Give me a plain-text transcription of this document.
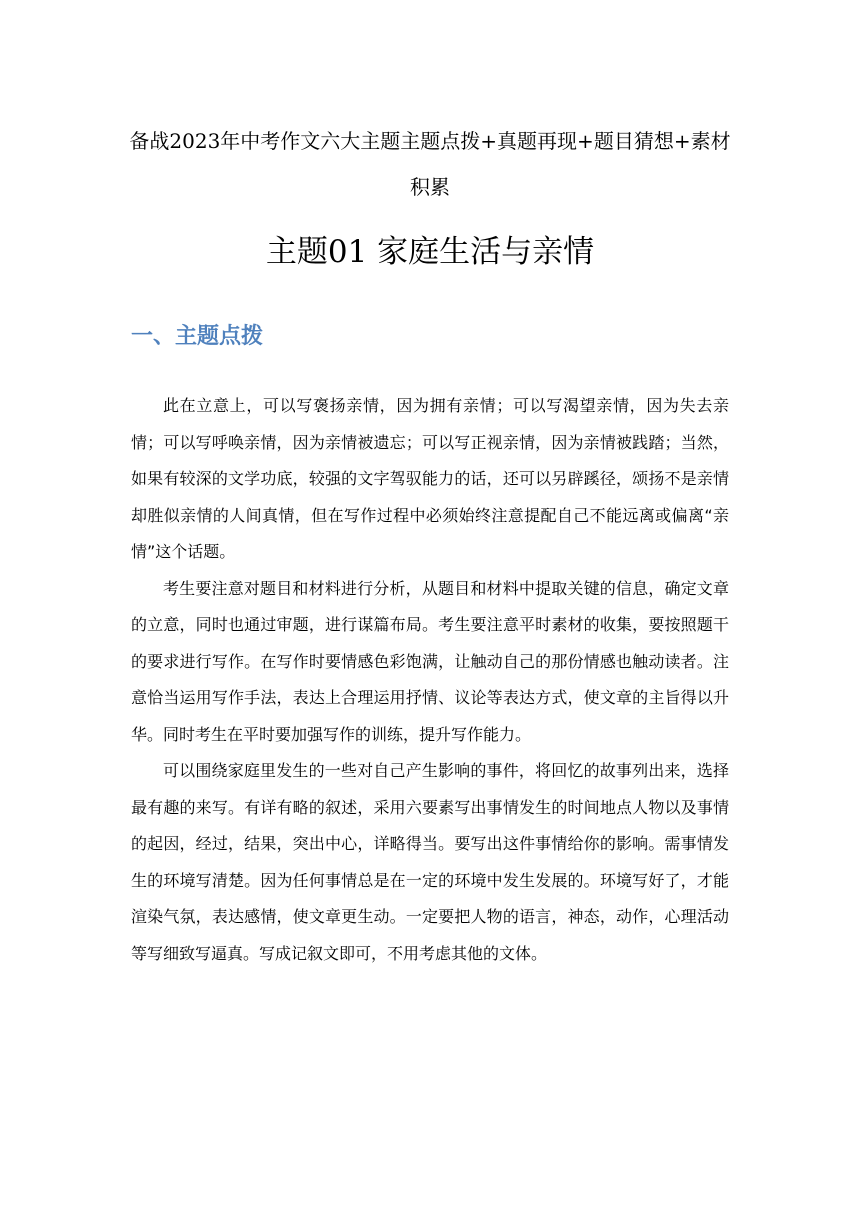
备战2023年中考作文六大主题主题点拨+真题再现+题目猜想+素材积累
主题01 家庭生活与亲情
一、主题点拨

此在立意上，可以写褒扬亲情，因为拥有亲情；可以写渴望亲情，因为失去亲情；可以写呼唤亲情，因为亲情被遗忘；可以写正视亲情，因为亲情被践踏；当然，如果有较深的文学功底，较强的文字驾驭能力的话，还可以另辟蹊径，颂扬不是亲情却胜似亲情的人间真情，但在写作过程中必须始终注意提配自己不能远离或偏离“亲情”这个话题。

考生要注意对题目和材料进行分析，从题目和材料中提取关键的信息，确定文章的立意，同时也通过审题，进行谋篇布局。考生要注意平时素材的收集，要按照题干的要求进行写作。在写作时要情感色彩饱满，让触动自己的那份情感也触动读者。注意恰当运用写作手法，表达上合理运用抒情、议论等表达方式，使文章的主旨得以升华。同时考生在平时要加强写作的训练，提升写作能力。

可以围绕家庭里发生的一些对自己产生影响的事件，将回忆的故事列出来，选择最有趣的来写。有详有略的叙述，采用六要素写出事情发生的时间地点人物以及事情的起因，经过，结果，突出中心，详略得当。要写出这件事情给你的影响。需事情发生的环境写清楚。因为任何事情总是在一定的环境中发生发展的。环境写好了，才能渲染气氛，表达感情，使文章更生动。一定要把人物的语言，神态，动作，心理活动等写细致写逼真。写成记叙文即可，不用考虑其他的文体。
